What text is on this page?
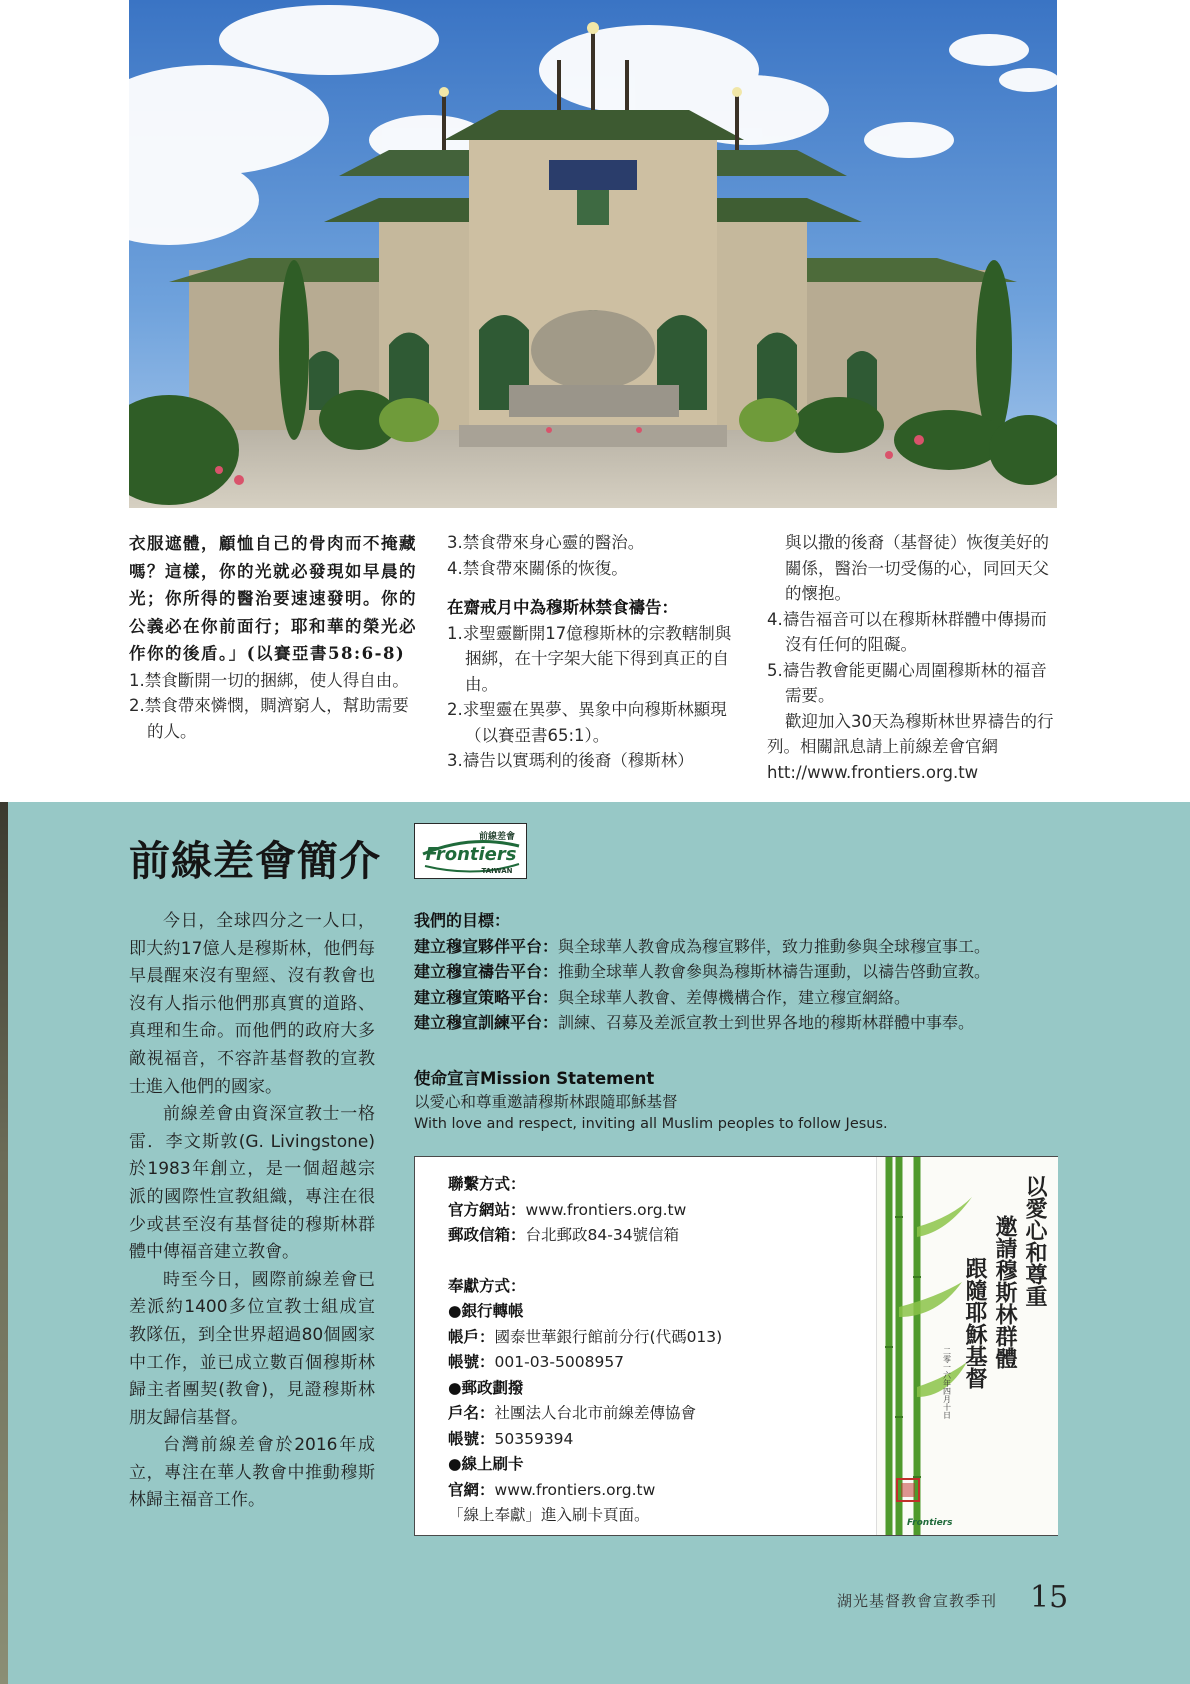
衣服遮體，顧恤自己的骨肉而不掩藏嗎？這樣，你的光就必發現如早晨的光；你所得的醫治要速速發明。你的公義必在你前面行；耶和華的榮光必作你的後盾。」(以賽亞書58:6-8)
1.禁食斷開一切的捆綁，使人得自由。
2.禁食帶來憐憫，賙濟窮人，幫助需要的人。
3.禁食帶來身心靈的醫治。
4.禁食帶來關係的恢復。
在齋戒月中為穆斯林禁食禱告：
1.求聖靈斷開17億穆斯林的宗教轄制與捆綁，在十字架大能下得到真正的自由。
2.求聖靈在異夢、異象中向穆斯林顯現（以賽亞書65:1）。
3.禱告以實瑪利的後裔（穆斯林）
與以撒的後裔（基督徒）恢復美好的關係，醫治一切受傷的心，同回天父的懷抱。
4.禱告福音可以在穆斯林群體中傳揚而沒有任何的阻礙。
5.禱告教會能更關心周圍穆斯林的福音需要。
歡迎加入30天為穆斯林世界禱告的行列。相關訊息請上前線差會官網htt://www.frontiers.org.tw
前線差會簡介	前線差會
Frontiers
TAIWAN

今日，全球四分之一人口，即大約17億人是穆斯林，他們每早晨醒來沒有聖經、沒有教會也沒有人指示他們那真實的道路、真理和生命。而他們的政府大多敵視福音，不容許基督教的宣教士進入他們的國家。

前線差會由資深宣教士一格雷．李文斯敦(G. Livingstone)於1983年創立，是一個超越宗派的國際性宣教組織，專注在很少或甚至沒有基督徒的穆斯林群體中傳福音建立教會。

時至今日，國際前線差會已差派約1400多位宣教士組成宣教隊伍，到全世界超過80個國家中工作，並已成立數百個穆斯林歸主者團契(教會)，見證穆斯林朋友歸信基督。

台灣前線差會於2016年成立，專注在華人教會中推動穆斯林歸主福音工作。

我們的目標：
建立穆宣夥伴平台：與全球華人教會成為穆宣夥伴，致力推動參與全球穆宣事工。
建立穆宣禱告平台：推動全球華人教會參與為穆斯林禱告運動，以禱告啓動宣教。
建立穆宣策略平台：與全球華人教會、差傳機構合作，建立穆宣網絡。
建立穆宣訓練平台：訓練、召募及差派宣教士到世界各地的穆斯林群體中事奉。
使命宣言Mission Statement
以愛心和尊重邀請穆斯林跟隨耶穌基督
With love and respect, inviting all Muslim peoples to follow Jesus.
聯繫方式：
官方網站：www.frontiers.org.tw
郵政信箱：台北郵政84-34號信箱
奉獻方式：
●銀行轉帳
帳戶：國泰世華銀行館前分行(代碼013)
帳號：001-03-5008957
●郵政劃撥
戶名：社團法人台北市前線差傳協會
帳號：50359394
●線上刷卡
官網：www.frontiers.org.tw
「線上奉獻」進入刷卡頁面。
以愛心和尊重
邀請穆斯林群體
跟隨耶穌基督
二零一六年四月十日
Frontiers
湖光基督教會宣教季刊 15
